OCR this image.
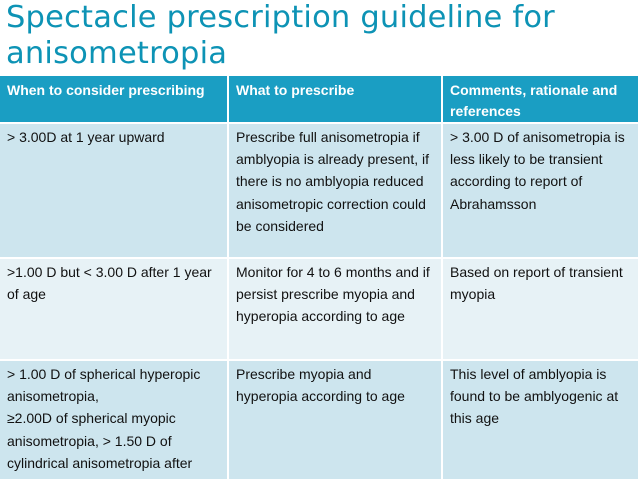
Spectacle prescription guideline for
anisometropia
When to consider prescribing	What to prescribe	Comments, rationale and references
> 3.00D at 1 year upward	Prescribe full anisometropia if amblyopia is already present, if there is no amblyopia reduced anisometropic correction could be considered	> 3.00 D of anisometropia is less likely to be transient according to report of Abrahamsson
>1.00 D but < 3.00 D after 1 year of age	Monitor for 4 to 6 months and if persist prescribe myopia and hyperopia according to age	Based on report of transient myopia

> 1.00 D of spherical hyperopic anisometropia,
≥2.00D of spherical myopic anisometropia, > 1.50 D of cylindrical anisometropia after	Prescribe myopia and hyperopia according to age	This level of amblyopia is found to be amblyogenic at this age
